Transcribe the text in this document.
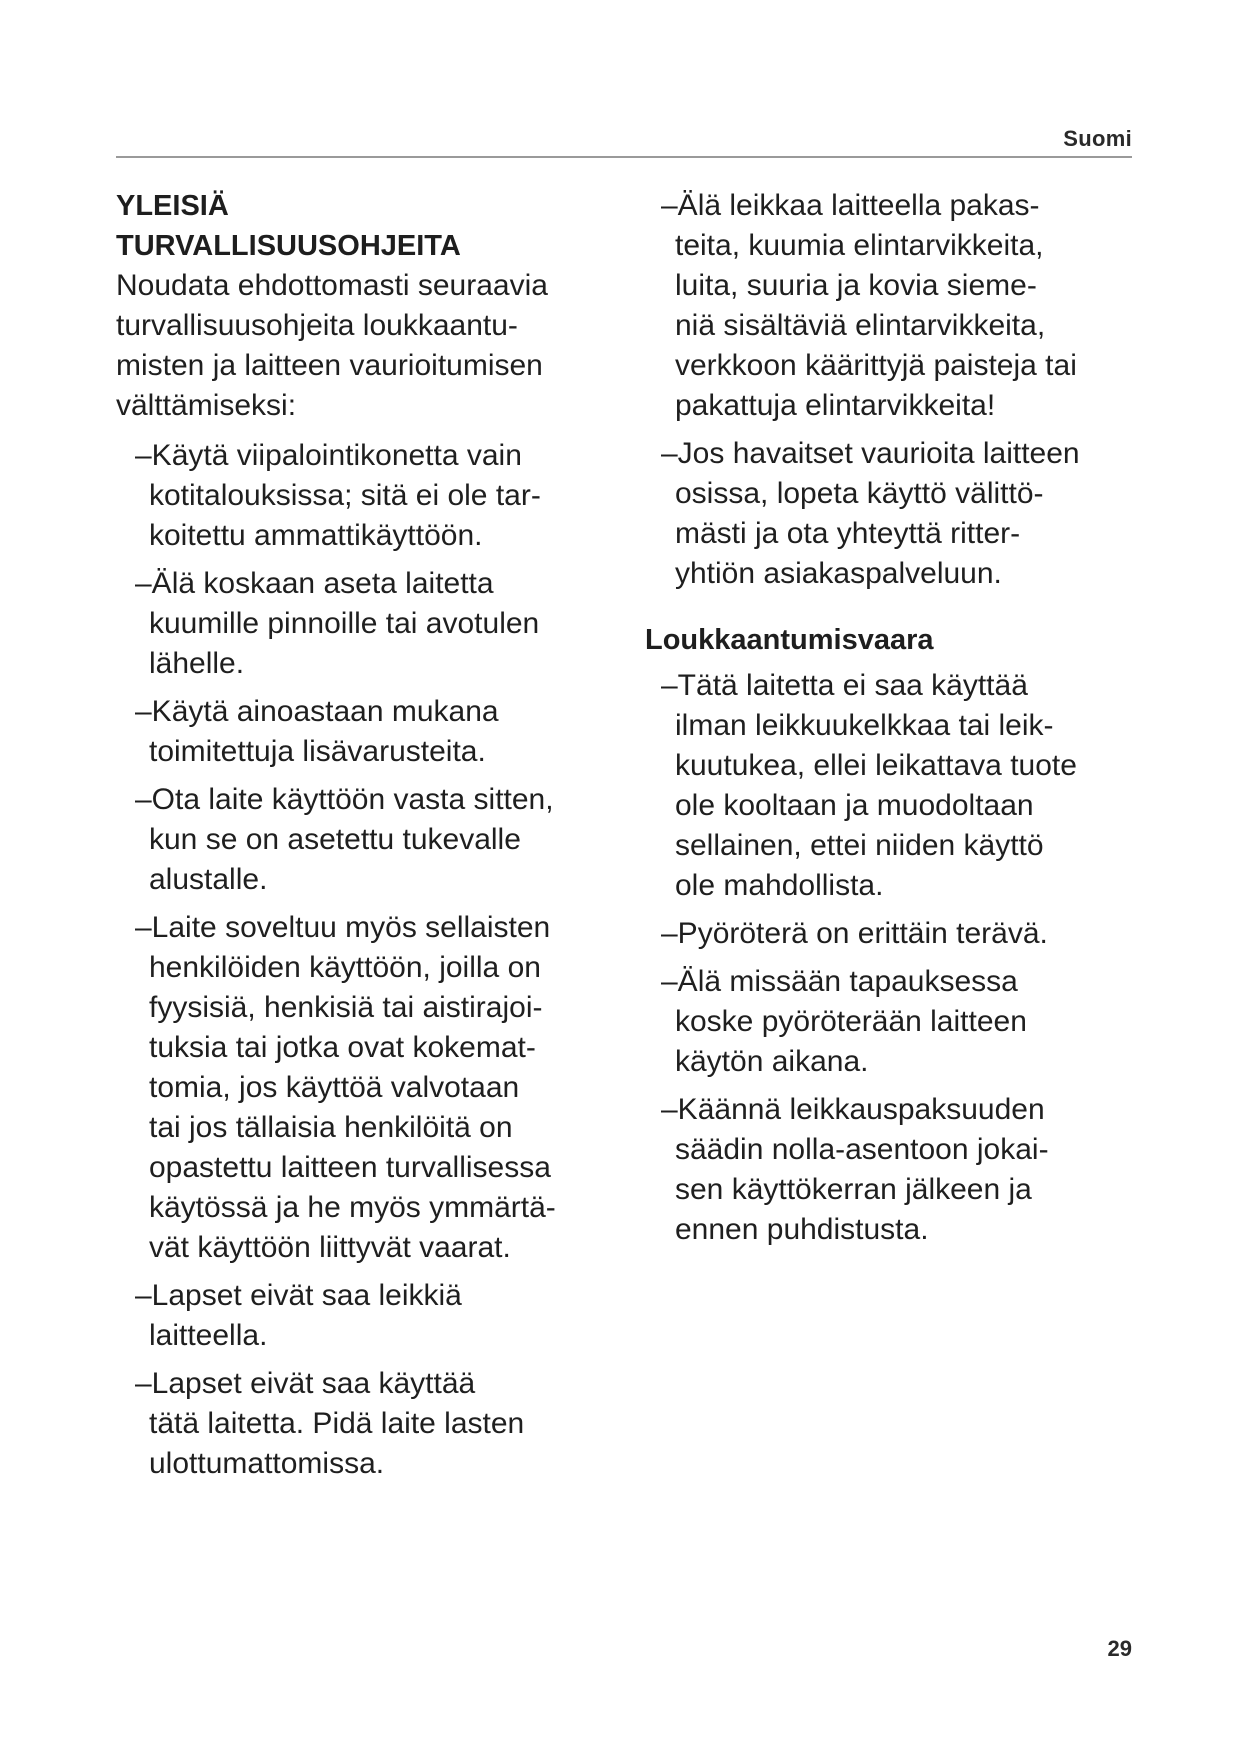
Suomi
YLEISIÄ
TURVALLISUUSOHJEITA
Noudata ehdottomasti seuraavia
turvallisuusohjeita loukkaantu-
misten ja laitteen vaurioitumisen
välttämiseksi:
–Käytä viipalointikonetta vain
kotitalouksissa; sitä ei ole tar-
koitettu ammattikäyttöön.
–Älä koskaan aseta laitetta
kuumille pinnoille tai avotulen
lähelle.
–Käytä ainoastaan mukana
toimitettuja lisävarusteita.
–Ota laite käyttöön vasta sitten,
kun se on asetettu tukevalle
alustalle.
–Laite soveltuu myös sellaisten
henkilöiden käyttöön, joilla on
fyysisiä, henkisiä tai aistirajoi-
tuksia tai jotka ovat kokemat-
tomia, jos käyttöä valvotaan
tai jos tällaisia henkilöitä on
opastettu laitteen turvallisessa
käytössä ja he myös ymmärtä-
vät käyttöön liittyvät vaarat.
–Lapset eivät saa leikkiä
laitteella.
–Lapset eivät saa käyttää
tätä laitetta. Pidä laite lasten
ulottumattomissa.
–Älä leikkaa laitteella pakas-
teita, kuumia elintarvikkeita,
luita, suuria ja kovia sieme-
niä sisältäviä elintarvikkeita,
verkkoon käärittyjä paisteja tai
pakattuja elintarvikkeita!
–Jos havaitset vaurioita laitteen
osissa, lopeta käyttö välittö-
mästi ja ota yhteyttä ritter-
yhtiön asiakaspalveluun.
Loukkaantumisvaara
–Tätä laitetta ei saa käyttää
ilman leikkuukelkkaa tai leik-
kuutukea, ellei leikattava tuote
ole kooltaan ja muodoltaan
sellainen, ettei niiden käyttö
ole mahdollista.
–Pyöröterä on erittäin terävä.
–Älä missään tapauksessa
koske pyöröterään laitteen
käytön aikana.
–Käännä leikkauspaksuuden
säädin nolla-asentoon jokai-
sen käyttökerran jälkeen ja
ennen puhdistusta.
29
